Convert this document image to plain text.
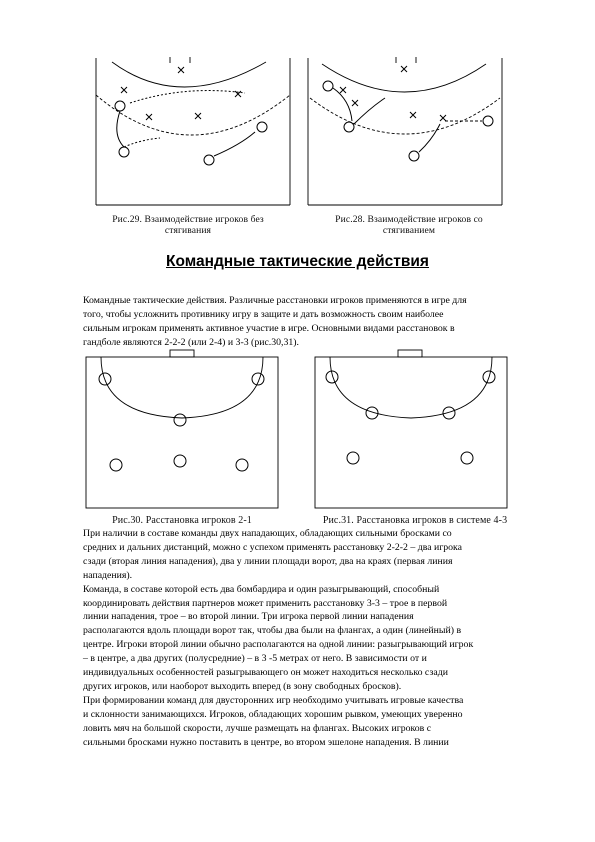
Рис.29. Взаимодействие игроков без
стягивания
Рис.28. Взаимодействие игроков со
стягиванием
Командные тактические действия
Командные тактические действия. Различные расстановки игроков применяются в игре для
того, чтобы усложнить противнику игру в защите и дать возможность своим наиболее
сильным игрокам применять активное участие в игре. Основными видами расстановок в
гандболе являются 2-2-2 (или 2-4) и 3-3 (рис.30,31).
Рис.30. Расстановка игроков 2-1	Рис.31. Расстановка игроков в системе 4-3
При наличии в составе команды двух нападающих, обладающих сильными бросками со
средних и дальних дистанций, можно с успехом применять расстановку 2-2-2 – два игрока
сзади (вторая линия нападения), два у линии площади ворот, два на краях (первая линия
нападения).
Команда, в составе которой есть два бомбардира и один разыгрывающий, способный
координировать действия партнеров может применить расстановку 3-3 – трое в первой
линии нападения, трое – во второй линии. Три игрока первой линии нападения
располагаются вдоль площади ворот так, чтобы два были на флангах, а один (линейный) в
центре. Игроки второй линии обычно располагаются на одной линии: разыгрывающий игрок
– в центре, а два других (полусредние) – в 3 -5 метрах от него. В зависимости от и
индивидуальных особенностей разыгрывающего он может находиться несколько сзади
других игроков, или наоборот выходить вперед (в зону свободных бросков).
При формировании команд для двусторонних игр необходимо учитывать игровые качества
и склонности занимающихся. Игроков, обладающих хорошим рывком, умеющих уверенно
ловить мяч на большой скорости, лучше размещать на флангах. Высоких игроков с
сильными бросками нужно поставить в центре, во втором эшелоне нападения. В линии
